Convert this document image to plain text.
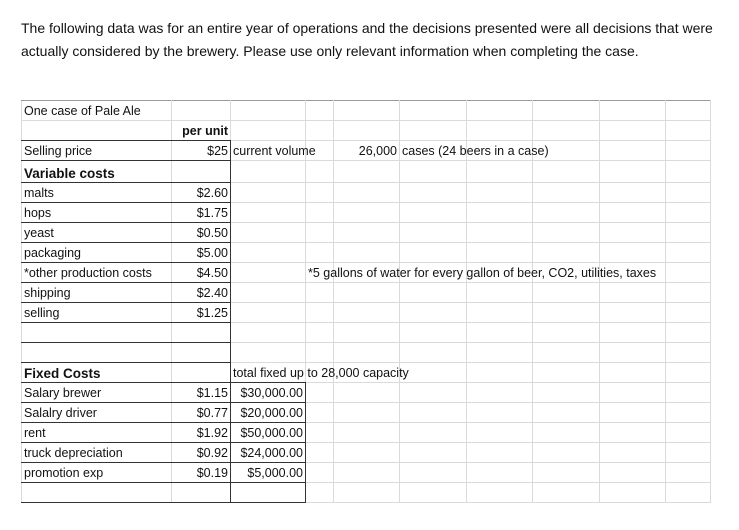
The following data was for an entire year of operations and the decisions presented were all decisions that were actually considered by the brewery. Please use only relevant information when completing the case.
One case of Pale Ale									
	per unit								
Selling price	$25	current volume		26,000	cases (24 beers in a case)				
Variable costs									
malts	$2.60								
hops	$1.75								
yeast	$0.50								
packaging	$5.00								
*other production costs	$4.50		*5 gallons of water for every gallon of beer, CO2, utilities, taxes						
shipping	$2.40								
selling	$1.25								

Fixed Costs		total fixed up to 28,000 capacity							
Salary brewer	$1.15	$30,000.00							
Salalry driver	$0.77	$20,000.00							
rent	$1.92	$50,000.00							
truck depreciation	$0.92	$24,000.00							
promotion exp	$0.19	$5,000.00							
